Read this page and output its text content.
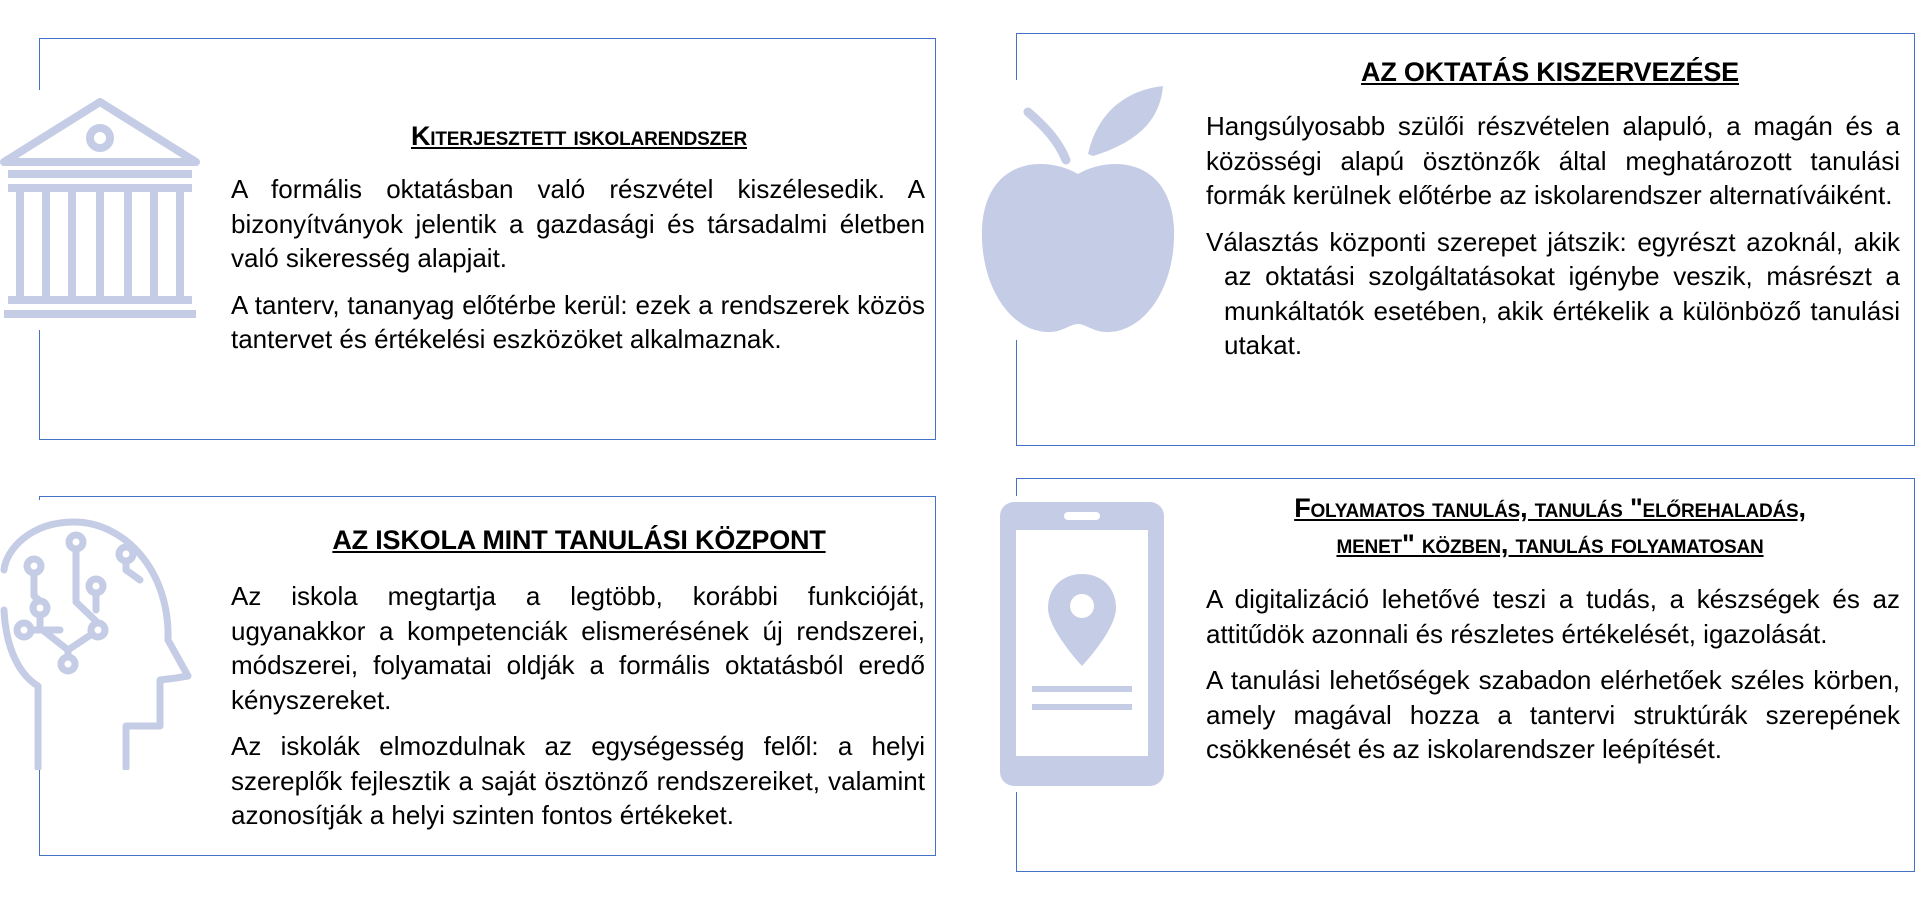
Kiterjesztett iskolarendszer

A formális oktatásban való részvétel kiszélesedik. A bizonyítványok jelentik a gazdasági és társadalmi életben való sikeresség alapjait.

A tanterv, tananyag előtérbe kerül: ezek a rendszerek közös tantervet és értékelési eszközöket alkalmaznak.

AZ OKTATÁS KISZERVEZÉSE

Hangsúlyosabb szülői részvételen alapuló, a magán és a közösségi alapú ösztönzők által meghatározott tanulási formák kerülnek előtérbe az iskolarendszer alternatíváiként.

Választás központi szerepet játszik: egyrészt azoknál, akik az oktatási szolgáltatásokat igénybe veszik, másrészt a munkáltatók esetében, akik értékelik a különböző tanulási utakat.

AZ ISKOLA MINT TANULÁSI KÖZPONT

Az iskola megtartja a legtöbb, korábbi funkcióját, ugyanakkor a kompetenciák elismerésének új rendszerei, módszerei, folyamatai oldják a formális oktatásból eredő kényszereket.

Az iskolák elmozdulnak az egységesség felől: a helyi szereplők fejlesztik a saját ösztönző rendszereiket, valamint azonosítják a helyi szinten fontos értékeket.

Folyamatos tanulás, tanulás "előrehaladás,
menet" közben, tanulás folyamatosan

A digitalizáció lehetővé teszi a tudás, a készségek és az attitűdök azonnali és részletes értékelését, igazolását.

A tanulási lehetőségek szabadon elérhetőek széles körben, amely magával hozza a tantervi struktúrák szerepének csökkenését és az iskolarendszer leépítését.
